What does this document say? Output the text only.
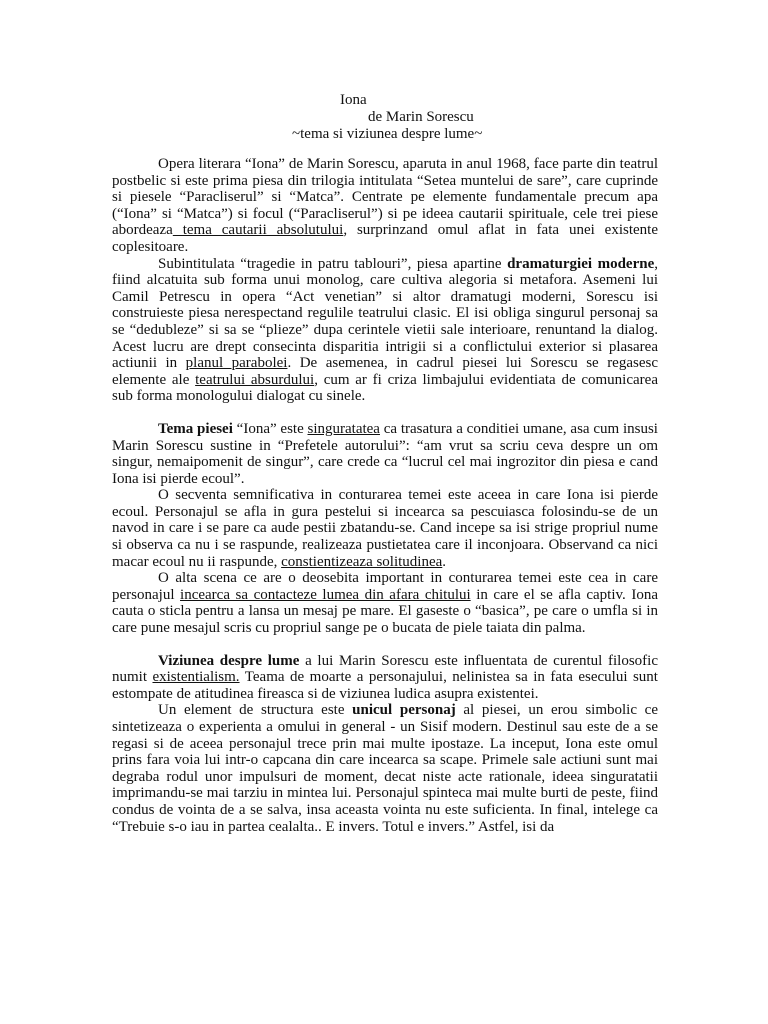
Iona
de Marin Sorescu
~tema si viziunea despre lume~

Opera literara “Iona” de Marin Sorescu, aparuta in anul 1968, face parte din teatrul postbelic si este prima piesa din trilogia intitulata “Setea muntelui de sare”, care cuprinde si piesele “Paracliserul” si “Matca”. Centrate pe elemente fundamentale precum apa (“Iona” si “Matca”) si focul (“Paracliserul”) si pe ideea cautarii spirituale, cele trei piese abordeaza tema cautarii absolutului, surprinzand omul aflat in fata unei existente coplesitoare.

Subintitulata “tragedie in patru tablouri”, piesa apartine dramaturgiei moderne, fiind alcatuita sub forma unui monolog, care cultiva alegoria si metafora. Asemeni lui Camil Petrescu in opera “Act venetian” si altor dramatugi moderni, Sorescu isi construieste piesa nerespectand regulile teatrului clasic. El isi obliga singurul personaj sa se “dedubleze” si sa se “plieze” dupa cerintele vietii sale interioare, renuntand la dialog. Acest lucru are drept consecinta disparitia intrigii si a conflictului exterior si plasarea actiunii in planul parabolei. De asemenea, in cadrul piesei lui Sorescu se regasesc elemente ale teatrului absurdului, cum ar fi criza limbajului evidentiata de comunicarea sub forma monologului dialogat cu sinele.

Tema piesei “Iona” este singuratatea ca trasatura a conditiei umane, asa cum insusi Marin Sorescu sustine in “Prefetele autorului”: “am vrut sa scriu ceva despre un om singur, nemaipomenit de singur”, care crede ca “lucrul cel mai ingrozitor din piesa e cand Iona isi pierde ecoul”.

O secventa semnificativa in conturarea temei este aceea in care Iona isi pierde ecoul. Personajul se afla in gura pestelui si incearca sa pescuiasca folosindu-se de un navod in care i se pare ca aude pestii zbatandu-se. Cand incepe sa isi strige propriul nume si observa ca nu i se raspunde, realizeaza pustietatea care il inconjoara. Observand ca nici macar ecoul nu ii raspunde, constientizeaza solitudinea.

O alta scena ce are o deosebita important in conturarea temei este cea in care personajul incearca sa contacteze lumea din afara chitului in care el se afla captiv. Iona cauta o sticla pentru a lansa un mesaj pe mare. El gaseste o “basica”, pe care o umfla si in care pune mesajul scris cu propriul sange pe o bucata de piele taiata din palma.

Viziunea despre lume a lui Marin Sorescu este influentata de curentul filosofic numit existentialism. Teama de moarte a personajului, nelinistea sa in fata esecului sunt estompate de atitudinea fireasca si de viziunea ludica asupra existentei.

Un element de structura este unicul personaj al piesei, un erou simbolic ce sintetizeaza o experienta a omului in general - un Sisif modern. Destinul sau este de a se regasi si de aceea personajul trece prin mai multe ipostaze. La inceput, Iona este omul prins fara voia lui intr-o capcana din care incearca sa scape. Primele sale actiuni sunt mai degraba rodul unor impulsuri de moment, decat niste acte rationale, ideea singuratatii imprimandu-se mai tarziu in mintea lui. Personajul spinteca mai multe burti de peste, fiind condus de vointa de a se salva, insa aceasta vointa nu este suficienta. In final, intelege ca “Trebuie s-o iau in partea cealalta.. E invers. Totul e invers.” Astfel, isi da
